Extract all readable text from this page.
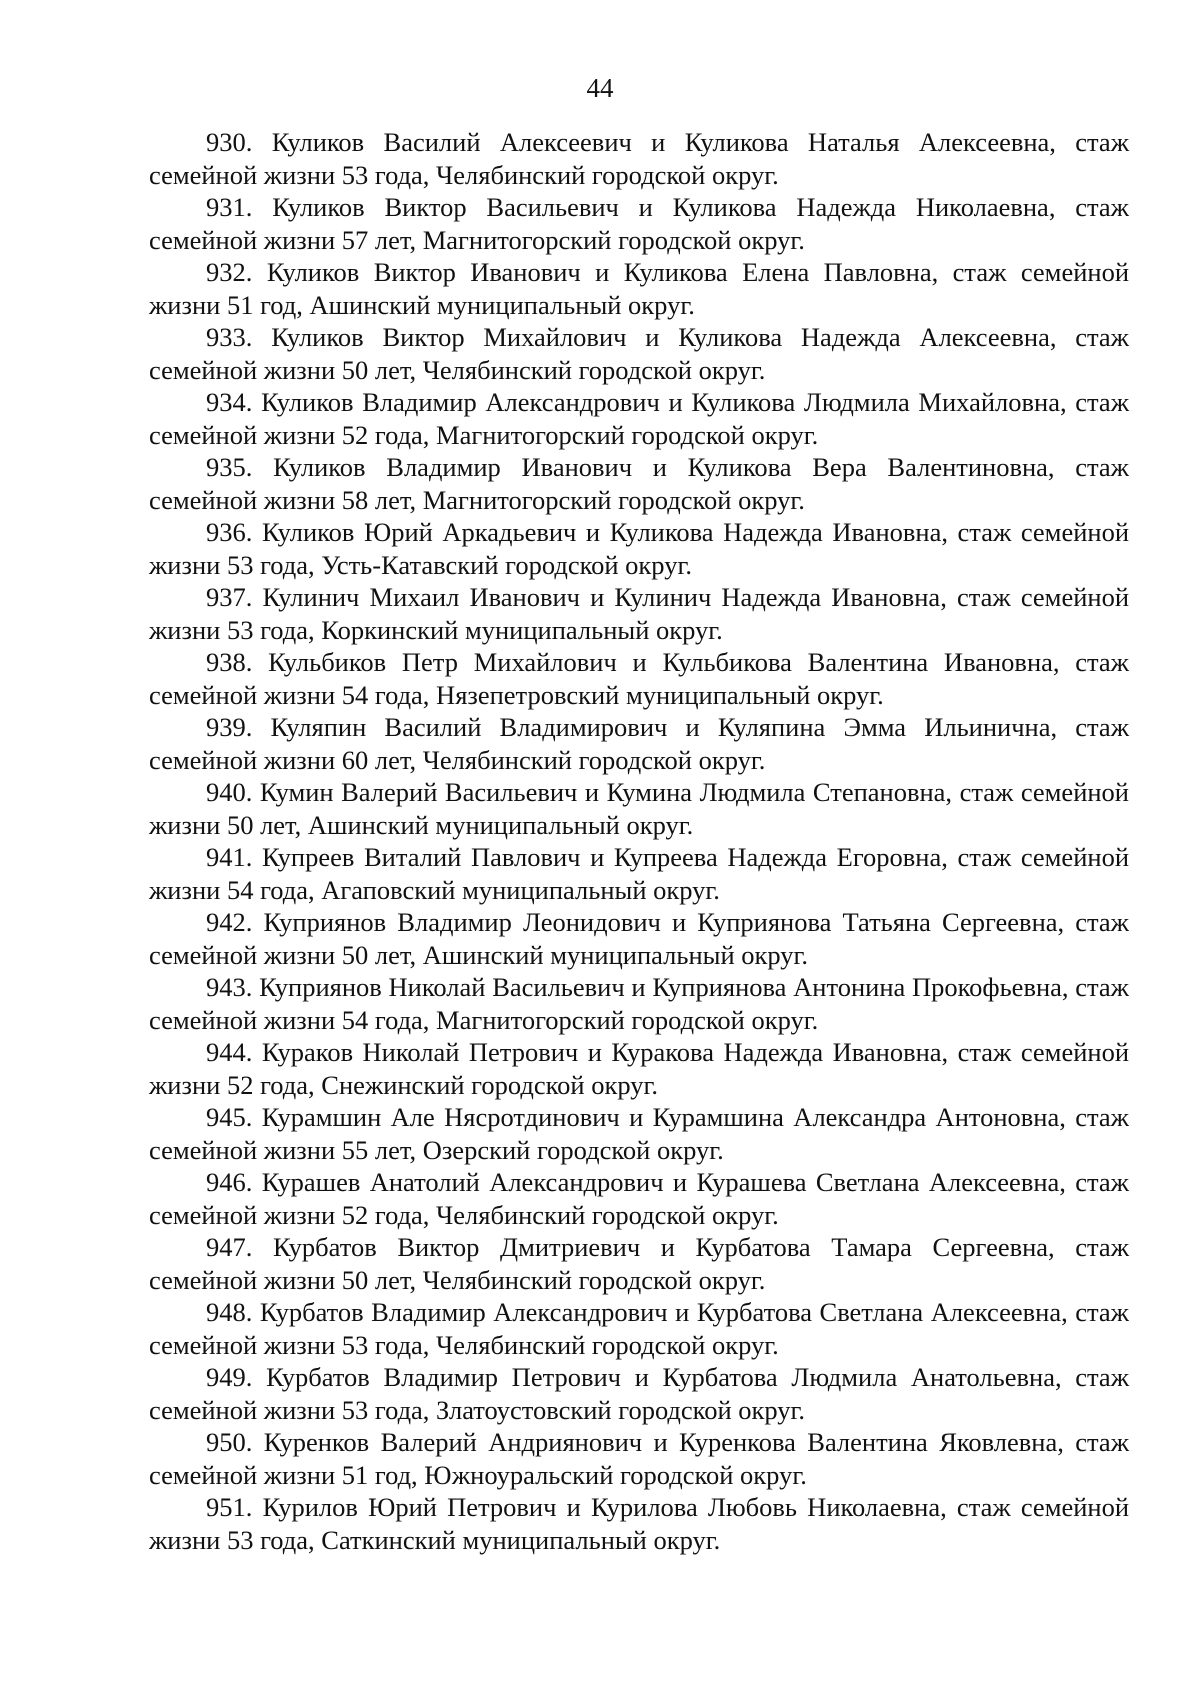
44

930. Куликов Василий Алексеевич и Куликова Наталья Алексеевна, стаж семейной жизни 53 года, Челябинский городской округ.

931. Куликов Виктор Васильевич и Куликова Надежда Николаевна, стаж семейной жизни 57 лет, Магнитогорский городской округ.

932. Куликов Виктор Иванович и Куликова Елена Павловна, стаж семейной жизни 51 год, Ашинский муниципальный округ.

933. Куликов Виктор Михайлович и Куликова Надежда Алексеевна, стаж семейной жизни 50 лет, Челябинский городской округ.

934. Куликов Владимир Александрович и Куликова Людмила Михайловна, стаж семейной жизни 52 года, Магнитогорский городской округ.

935. Куликов Владимир Иванович и Куликова Вера Валентиновна, стаж семейной жизни 58 лет, Магнитогорский городской округ.

936. Куликов Юрий Аркадьевич и Куликова Надежда Ивановна, стаж семейной жизни 53 года, Усть-Катавский городской округ.

937. Кулинич Михаил Иванович и Кулинич Надежда Ивановна, стаж семейной жизни 53 года, Коркинский муниципальный округ.

938. Кульбиков Петр Михайлович и Кульбикова Валентина Ивановна, стаж семейной жизни 54 года, Нязепетровский муниципальный округ.

939. Куляпин Василий Владимирович и Куляпина Эмма Ильинична, стаж семейной жизни 60 лет, Челябинский городской округ.

940. Кумин Валерий Васильевич и Кумина Людмила Степановна, стаж семейной жизни 50 лет, Ашинский муниципальный округ.

941. Купреев Виталий Павлович и Купреева Надежда Егоровна, стаж семейной жизни 54 года, Агаповский муниципальный округ.

942. Куприянов Владимир Леонидович и Куприянова Татьяна Сергеевна, стаж семейной жизни 50 лет, Ашинский муниципальный округ.

943. Куприянов Николай Васильевич и Куприянова Антонина Прокофьевна, стаж семейной жизни 54 года, Магнитогорский городской округ.

944. Кураков Николай Петрович и Куракова Надежда Ивановна, стаж семейной жизни 52 года, Снежинский городской округ.

945. Курамшин Але Нясротдинович и Курамшина Александра Антоновна, стаж семейной жизни 55 лет, Озерский городской округ.

946. Курашев Анатолий Александрович и Курашева Светлана Алексеевна, стаж семейной жизни 52 года, Челябинский городской округ.

947. Курбатов Виктор Дмитриевич и Курбатова Тамара Сергеевна, стаж семейной жизни 50 лет, Челябинский городской округ.

948. Курбатов Владимир Александрович и Курбатова Светлана Алексеевна, стаж семейной жизни 53 года, Челябинский городской округ.

949. Курбатов Владимир Петрович и Курбатова Людмила Анатольевна, стаж семейной жизни 53 года, Златоустовский городской округ.

950. Куренков Валерий Андриянович и Куренкова Валентина Яковлевна, стаж семейной жизни 51 год, Южноуральский городской округ.

951. Курилов Юрий Петрович и Курилова Любовь Николаевна, стаж семейной жизни 53 года, Саткинский муниципальный округ.
